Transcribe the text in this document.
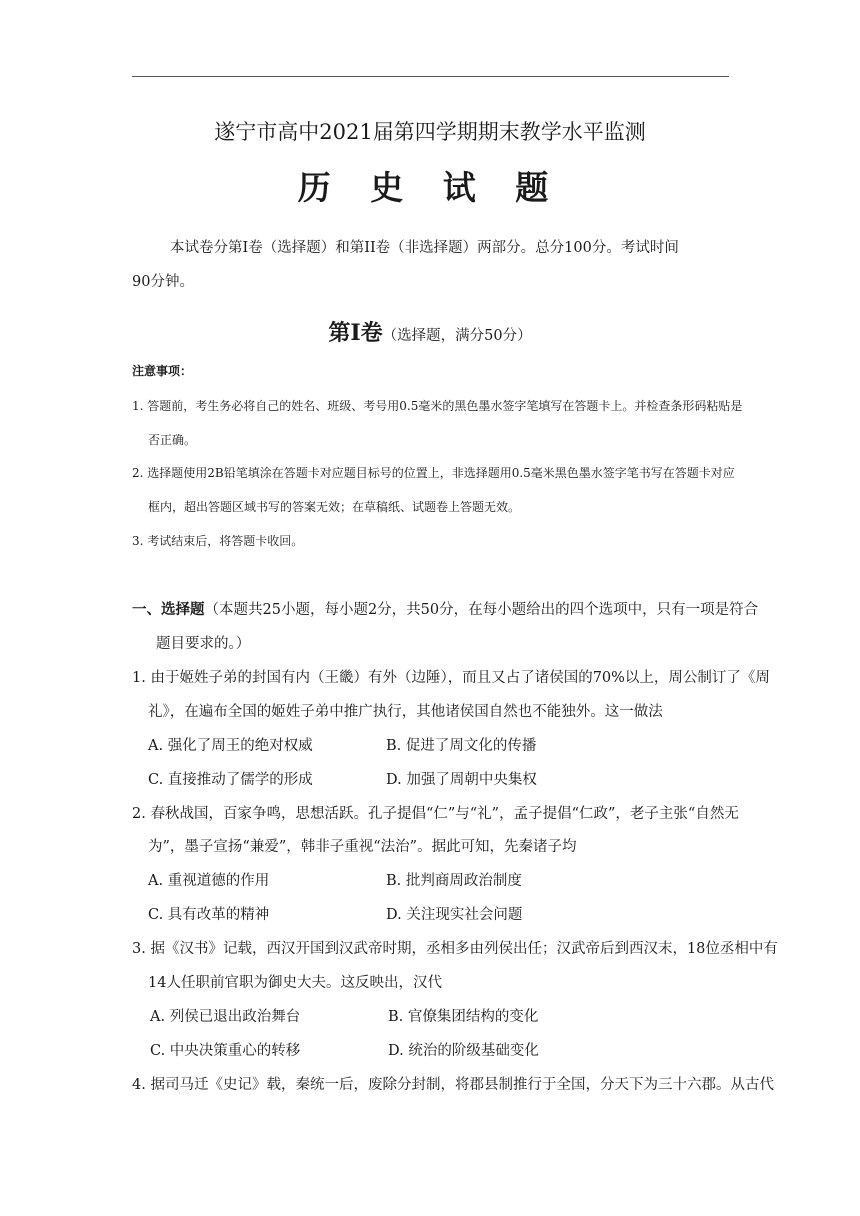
遂宁市高中2021届第四学期期末教学水平监测
历 史 试 题
本试卷分第Ⅰ卷（选择题）和第II卷（非选择题）两部分。总分100分。考试时间
90分钟。
第Ⅰ卷（选择题，满分50分）
注意事项：
1. 答题前，考生务必将自己的姓名、班级、考号用0.5毫米的黑色墨水签字笔填写在答题卡上。并检查条形码粘贴是
否正确。
2. 选择题使用2B铅笔填涂在答题卡对应题目标号的位置上，非选择题用0.5毫米黑色墨水签字笔书写在答题卡对应
框内，超出答题区域书写的答案无效；在草稿纸、试题卷上答题无效。
3. 考试结束后，将答题卡收回。
一、选择题（本题共25小题，每小题2分，共50分，在每小题给出的四个选项中，只有一项是符合
题目要求的。）
1. 由于姬姓子弟的封国有内（王畿）有外（边陲），而且又占了诸侯国的70%以上，周公制订了《周
礼》，在遍布全国的姬姓子弟中推广执行，其他诸侯国自然也不能独外。这一做法
A. 强化了周王的绝对权威	B. 促进了周文化的传播
C. 直接推动了儒学的形成	D. 加强了周朝中央集权
2. 春秋战国，百家争鸣，思想活跃。孔子提倡“仁”与“礼”，孟子提倡“仁政”，老子主张“自然无
为”，墨子宣扬“兼爱”，韩非子重视“法治”。据此可知，先秦诸子均
A. 重视道德的作用	B. 批判商周政治制度
C. 具有改革的精神	D. 关注现实社会问题
3. 据《汉书》记载，西汉开国到汉武帝时期，丞相多由列侯出任；汉武帝后到西汉末，18位丞相中有
14人任职前官职为御史大夫。这反映出，汉代
A. 列侯已退出政治舞台	B. 官僚集团结构的变化
C. 中央决策重心的转移	D. 统治的阶级基础变化
4. 据司马迁《史记》载，秦统一后，废除分封制，将郡县制推行于全国，分天下为三十六郡。从古代
